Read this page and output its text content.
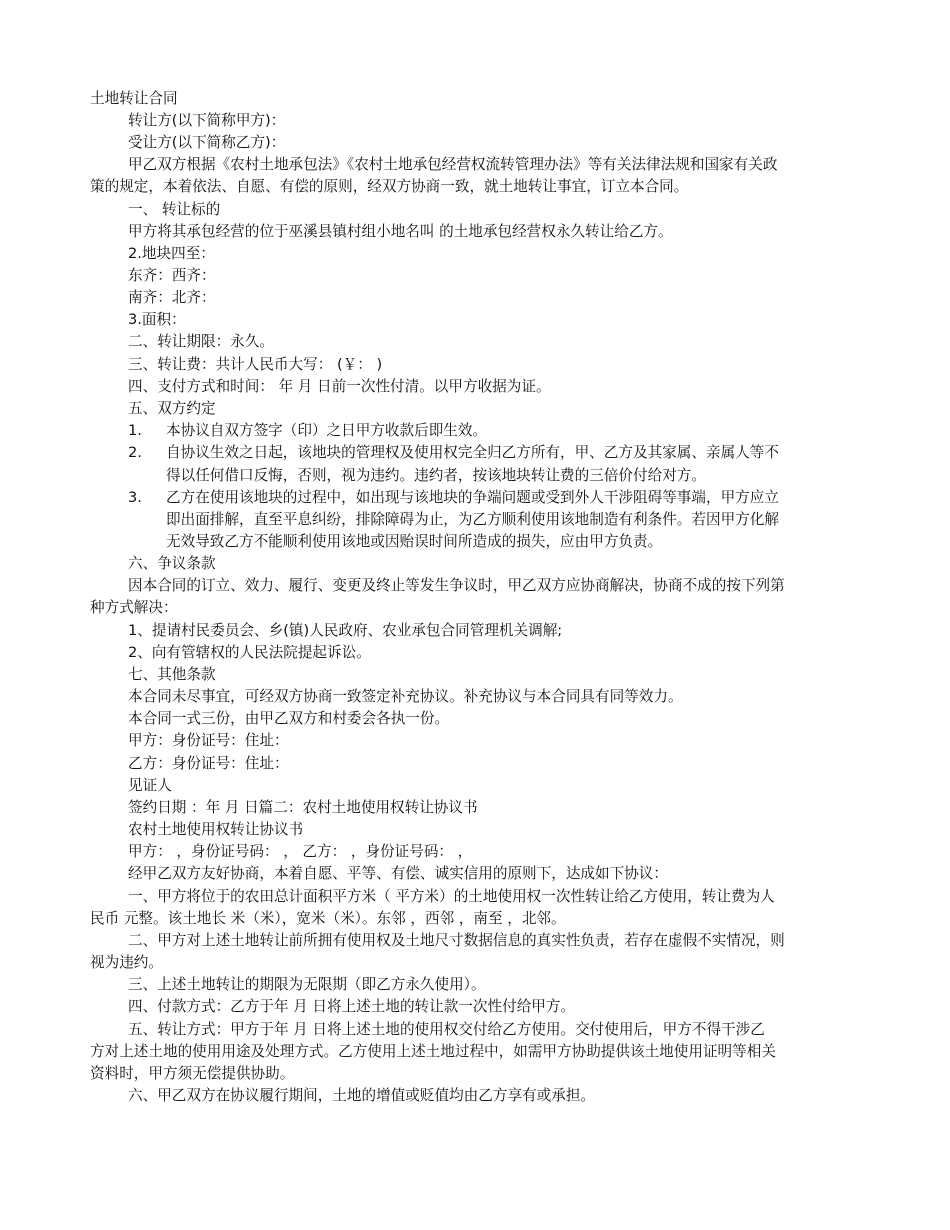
土地转让合同
转让方(以下简称甲方)：
受让方(以下简称乙方)：
甲乙双方根据《农村土地承包法》《农村土地承包经营权流转管理办法》等有关法律法规和国家有关政
策的规定，本着依法、自愿、有偿的原则，经双方协商一致，就土地转让事宜，订立本合同。
一、 转让标的
甲方将其承包经营的位于巫溪县镇村组小地名叫 的土地承包经营权永久转让给乙方。
2.地块四至：
东齐：西齐：
南齐：北齐：
3.面积：
二、转让期限：永久。
三、转让费：共计人民币大写： (￥： )
四、支付方式和时间： 年 月 日前一次性付清。以甲方收据为证。
五、双方约定
1. 本协议自双方签字（印）之日甲方收款后即生效。
2. 自协议生效之日起，该地块的管理权及使用权完全归乙方所有，甲、乙方及其家属、亲属人等不
得以任何借口反悔，否则，视为违约。违约者，按该地块转让费的三倍价付给对方。
3. 乙方在使用该地块的过程中，如出现与该地块的争端问题或受到外人干涉阻碍等事端，甲方应立
即出面排解，直至平息纠纷，排除障碍为止，为乙方顺利使用该地制造有利条件。若因甲方化解
无效导致乙方不能顺利使用该地或因贻误时间所造成的损失，应由甲方负责。
六、争议条款
因本合同的订立、效力、履行、变更及终止等发生争议时，甲乙双方应协商解决，协商不成的按下列第
种方式解决：
1、提请村民委员会、乡(镇)人民政府、农业承包合同管理机关调解;
2、向有管辖权的人民法院提起诉讼。
七、其他条款
本合同未尽事宜，可经双方协商一致签定补充协议。补充协议与本合同具有同等效力。
本合同一式三份，由甲乙双方和村委会各执一份。
甲方：身份证号：住址：
乙方：身份证号：住址：
见证人
签约日期 ：年 月 日篇二：农村土地使用权转让协议书
农村土地使用权转让协议书
甲方： ，身份证号码： ， 乙方： ，身份证号码： ，
经甲乙双方友好协商，本着自愿、平等、有偿、诚实信用的原则下，达成如下协议：
一、甲方将位于的农田总计面积平方米（ 平方米）的土地使用权一次性转让给乙方使用，转让费为人
民币 元整。该土地长 米（米），宽米（米）。东邻 ，西邻 ，南至 ，北邻。
二、甲方对上述土地转让前所拥有使用权及土地尺寸数据信息的真实性负责，若存在虚假不实情况，则
视为违约。
三、上述土地转让的期限为无限期（即乙方永久使用）。
四、付款方式：乙方于年 月 日将上述土地的转让款一次性付给甲方。
五、转让方式：甲方于年 月 日将上述土地的使用权交付给乙方使用。交付使用后，甲方不得干涉乙
方对上述土地的使用用途及处理方式。乙方使用上述土地过程中，如需甲方协助提供该土地使用证明等相关
资料时，甲方须无偿提供协助。
六、甲乙双方在协议履行期间，土地的增值或贬值均由乙方享有或承担。
